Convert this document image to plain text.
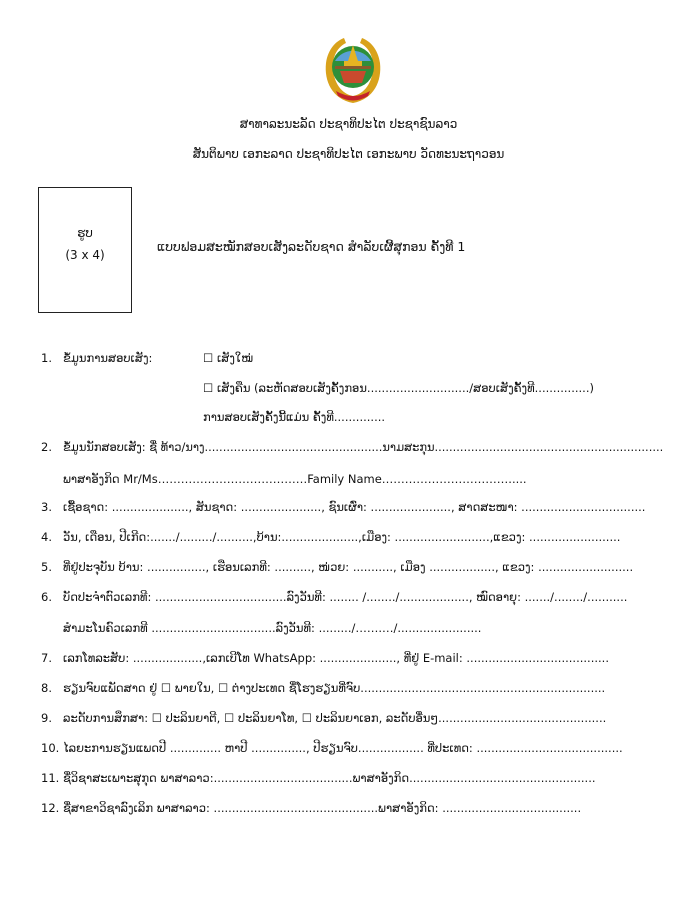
ສາທາລະນະລັດ ປະຊາທິປະໄຕ ປະຊາຊົນລາວ
ສັນຕິພາບ ເອກະລາດ ປະຊາທິປະໄຕ ເອກະພາບ ວັດທະນະຖາວອນ
ຮູບ
(3 x 4)
ແບບຟອມສະໝັກສອບເສັງລະດັບຊາດ ສຳລັບເຜີ້ສຸກອນ ຄັ້ງທີ 1
1. ຂໍ້ມູນການສອບເສັງ:	☐ ເສັງໃໝ່
☐ ເສັງຄືນ (ລະຫັດສອບເສັງຄັ້ງກອນ............................/ສອບເສັງຄັ້ງທີ...............)
ການສອບເສັງຄັ້ງນີ້ແມ່ນ ຄັ້ງທີ..............
2. ຂໍ້ມູນນັກສອບເສັງ: ຊື່ ທ້າວ/ນາງ.................................................ນາມສະກຸນ...............................................................
ພາສາອັງກິດ Mr/Ms…………………………………Family Name…………………………….....
3. ເຊື້ອຊາດ: ....................., ສັນຊາດ: ......................, ຊົນເຜົ່າ: ......................, ສາດສະໜາ: ..................................
4. ວັນ, ເດືອນ, ປີເກີດ:......./........./..........,ບ້ານ:.....................,ເມືອງ: ..........................,ແຂວງ: .........................
5. ທີ່ຢູ່ປະຈຸບັນ ບ້ານ: ................, ເຮືອນເລກທີ: .........., ໜ່ວຍ: ..........., ເມືອງ .................., ແຂວງ: ..........................
6. ບັດປະຈຳຕົວເລກທີ: ....................................ລົງວັນທີ: ........ /......../..................., ໝົດອາຍຸ: ......./......../...........
ສຳມະໂນຄົວເລກທີ ..................................ລົງວັນທີ: ........./…….…/.......................
7. ເລກໂທລະສັບ: ...................,ເລກເບີໂທ WhatsApp: ....................., ທີ່ຢູ່ E-mail: .......................................
8. ຮຽນຈົບແພັດສາດ ຢູ່ ☐ ພາຍໃນ, ☐ ຕ່າງປະເທດ ຊື່ໂຮງຮຽນທີ່ຈົບ...................................................................
9. ລະດັບການສຶກສາ: ☐ ປະລິນຍາຕີ, ☐ ປະລິນຍາໂທ, ☐ ປະລິນຍາເອກ, ລະດັບອື່ນໆ..............................................
10. ໄລຍະການຮຽນແພດປີ .............. ຫາປີ ..............., ປີຮຽນຈົບ.................. ທີ່ປະເທດ: ........................................
11. ຊື່ວິຊາສະເພາະສຸກຸດ ພາສາລາວ:......................................ພາສາອັງກິດ...................................................
12. ຊື່ສາຂາວິຊາລົງເລິກ ພາສາລາວ: .............................................ພາສາອັງກິດ: ......................................
